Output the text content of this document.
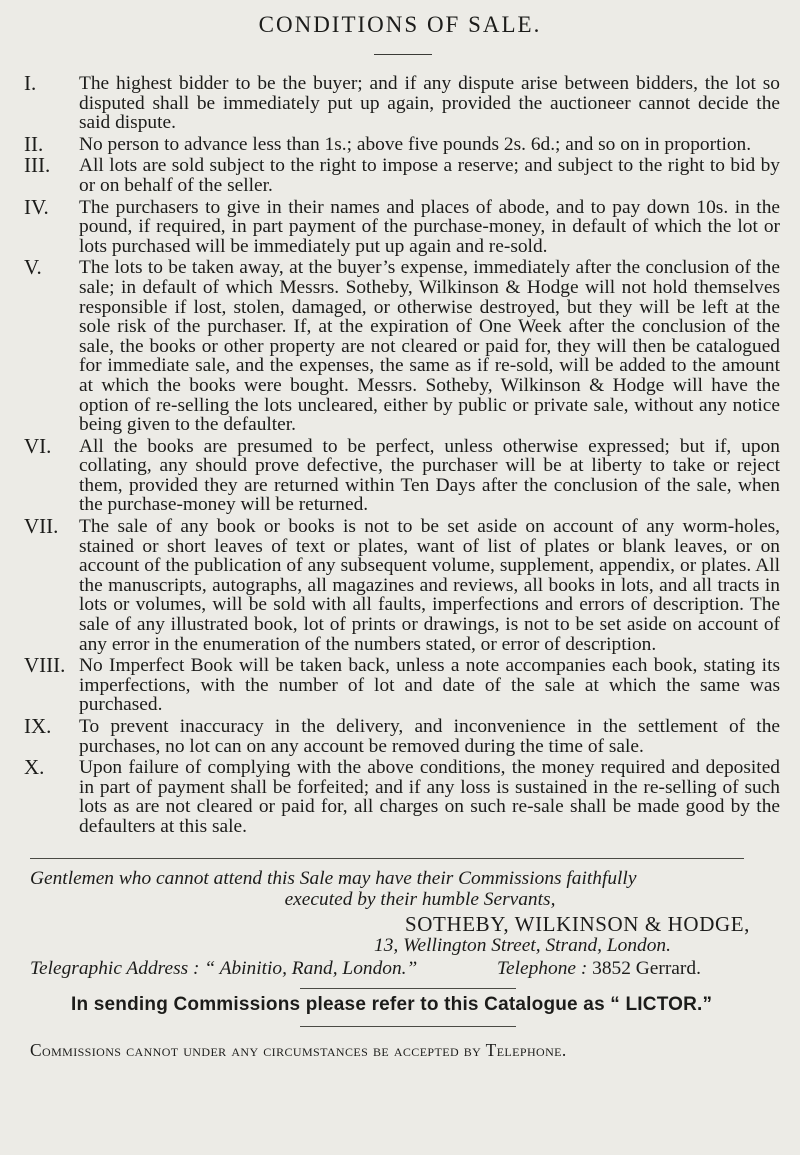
CONDITIONS OF SALE.
I.	The highest bidder to be the buyer; and if any dispute arise between bidders, the lot so disputed shall be immediately put up again, provided the auctioneer cannot decide the said dispute.
II.	No person to advance less than 1s.; above five pounds 2s. 6d.; and so on in proportion.
III.	All lots are sold subject to the right to impose a reserve; and subject to the right to bid by or on behalf of the seller.
IV.	The purchasers to give in their names and places of abode, and to pay down 10s. in the pound, if required, in part payment of the purchase-money, in default of which the lot or lots purchased will be immediately put up again and re-sold.
V.	The lots to be taken away, at the buyer’s expense, immediately after the conclusion of the sale; in default of which Messrs. Sotheby, Wilkinson & Hodge will not hold themselves responsible if lost, stolen, damaged, or otherwise destroyed, but they will be left at the sole risk of the purchaser. If, at the expiration of One Week after the conclusion of the sale, the books or other property are not cleared or paid for, they will then be catalogued for immediate sale, and the expenses, the same as if re-sold, will be added to the amount at which the books were bought. Messrs. Sotheby, Wilkinson & Hodge will have the option of re-selling the lots uncleared, either by public or private sale, without any notice being given to the defaulter.
VI.	All the books are presumed to be perfect, unless otherwise expressed; but if, upon collating, any should prove defective, the purchaser will be at liberty to take or reject them, provided they are returned within Ten Days after the conclusion of the sale, when the purchase-money will be returned.
VII.	The sale of any book or books is not to be set aside on account of any worm-holes, stained or short leaves of text or plates, want of list of plates or blank leaves, or on account of the publication of any subsequent volume, supplement, appendix, or plates. All the manuscripts, autographs, all magazines and reviews, all books in lots, and all tracts in lots or volumes, will be sold with all faults, imperfections and errors of description. The sale of any illustrated book, lot of prints or drawings, is not to be set aside on account of any error in the enumeration of the numbers stated, or error of description.
VIII. No Imperfect Book will be taken back, unless a note accompanies each book, stating its imperfections, with the number of lot and date of the sale at which the same was purchased.
IX.	To prevent inaccuracy in the delivery, and inconvenience in the settlement of the purchases, no lot can on any account be removed during the time of sale.
X.	Upon failure of complying with the above conditions, the money required and deposited in part of payment shall be forfeited; and if any loss is sustained in the re-selling of such lots as are not cleared or paid for, all charges on such re-sale shall be made good by the defaulters at this sale.
Gentlemen who cannot attend this Sale may have their Commissions faithfully
executed by their humble Servants,
SOTHEBY, WILKINSON & HODGE,
13, Wellington Street, Strand, London.
Telegraphic Address : “ Abinitio, Rand, London.”	Telephone : 3852 Gerrard.
In sending Commissions please refer to this Catalogue as “ LICTOR.”
Commissions cannot under any circumstances be accepted by Telephone.
